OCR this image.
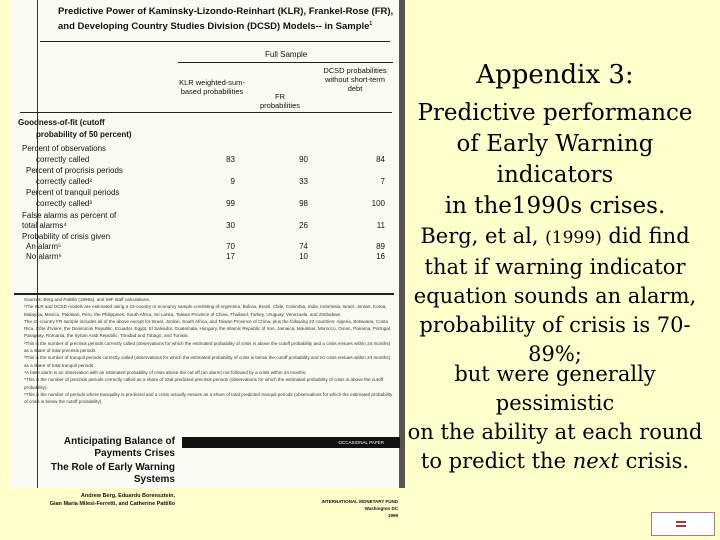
Predictive Power of Kaminsky-Lizondo-Reinhart (KLR), Frankel-Rose (FR),
and Developing Country Studies Division (DCSD) Models-- in Sample$^1$
Full Sample
KLR weighted-sum-based probabilities
FR probabilities
DCSD probabilities without short-term debt
Goodness-of-fit (cutoff
probability of 50 percent)
Percent of observations
correctly called	83	90	84
Percent of procrisis periods
correctly called²	9	33	7
Percent of tranquil periods
correctly called³	99	98	100
False alarms as percent of
total alarms⁴	30	26	11
Probability of crisis given
An alarm⁵	70	74	89
No alarm⁶	17	10	16
Sources: Berg and Pattillo (1999a), and IMF staff calculations.
¹The KLR and DCSD models are estimated using a 23-country or economy sample consisting of Argentina, Bolivia, Brazil, Chile, Colombia, India, Indonesia, Israel, Jordan, Korea, Malaysia, Mexico, Pakistan, Peru, the Philippines, South Africa, Sri Lanka, Taiwan Province of China, Thailand, Turkey, Uruguay, Venezuela, and Zimbabwe.
The 41-country FR sample includes all of the above except for Israel, Jordan, South Africa, and Taiwan Province of China, plus the following 22 countries: Algeria, Botswana, Costa Rica, Côte d'Ivoire, the Dominican Republic, Ecuador, Egypt, El Salvador, Guatemala, Hungary, the Islamic Republic of Iran, Jamaica, Mauritius, Morocco, Oman, Panama, Portugal, Paraguay, Romania, the Syrian Arab Republic, Trinidad and Tobago, and Tunisia.
²This is the number of precrisis periods correctly called (observations for which the estimated probability of crisis is above the cutoff probability and a crisis ensues within 24 months) as a share of total precrisis periods.
³This is the number of tranquil periods correctly called (observations for which the estimated probability of crisis is below the cutoff probability and no crisis ensues within 24 months) as a share of total tranquil periods.
⁴A false alarm is an observation with an estimated probability of crisis above the cut off (an alarm) not followed by a crisis within 24 months.
⁵This is the number of precrisis periods correctly called as a share of total predicted precrisis periods (observations for which the estimated probability of crisis is above the cutoff probability).
⁶This is the number of periods where tranquility is predicted and a crisis actually ensues as a share of total predicted tranquil periods (observations for which the estimated probability of crisis is below the cutoff probability).
Anticipating Balance of
Payments Crises
The Role of Early Warning Systems
Andrew Berg, Eduardo Borensztein,
Gian Maria Milesi-Ferretti, and Catherine Pattillo
OCCASIONAL PAPER
INTERNATIONAL MONETARY FUND
Washington DC
1999
Appendix 3:
Predictive performance
of Early Warning indicators
in the1990s crises.
Berg, et al, (1999) did find
that if warning indicator
equation sounds an alarm,
probability of crisis is 70-89%;
but were generally pessimistic
on the ability at each round
to predict the next crisis.
